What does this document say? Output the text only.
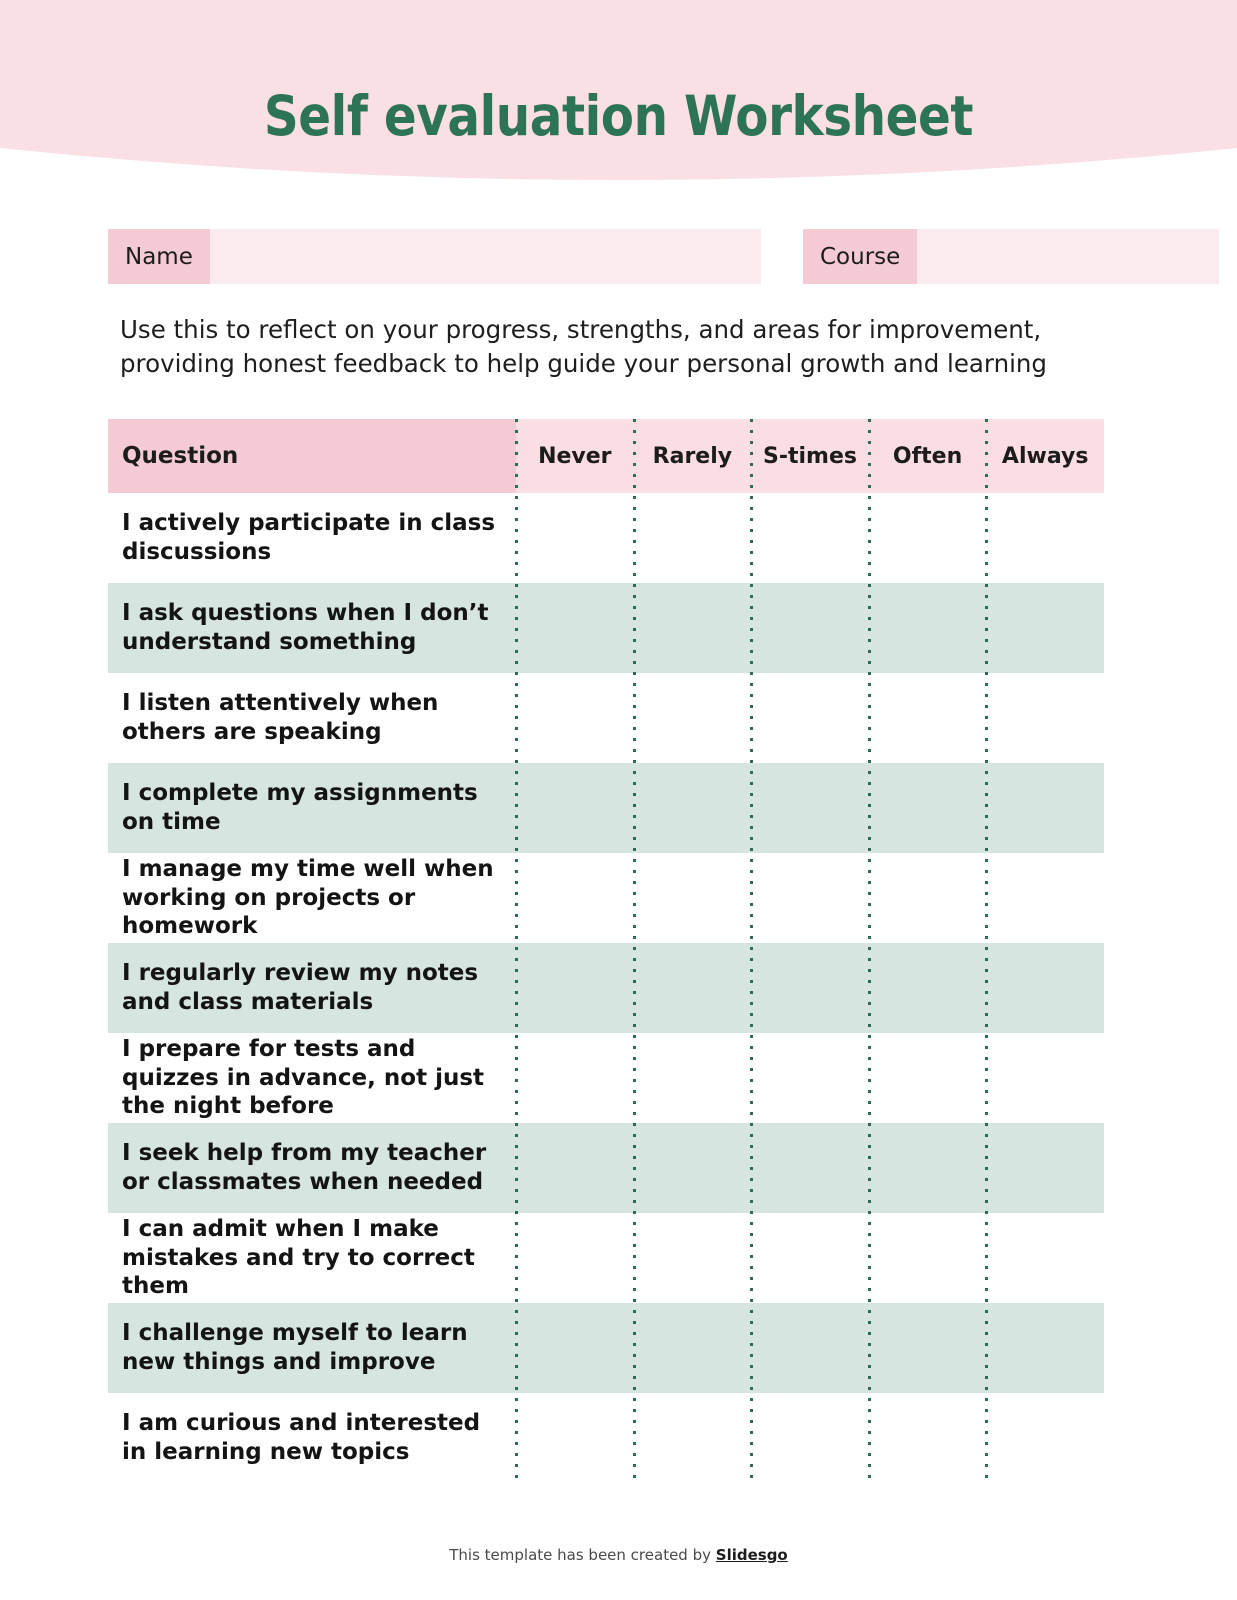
Self evaluation Worksheet
Name	Course
Use this to reflect on your progress, strengths, and areas for improvement, providing honest feedback to help guide your personal growth and learning
Question	Never	Rarely	S-times	Often	Always
I actively participate in class discussions
I ask questions when I don’t understand something
I listen attentively when others are speaking
I complete my assignments on time
I manage my time well when working on projects or homework
I regularly review my notes and class materials
I prepare for tests and quizzes in advance, not just the night before
I seek help from my teacher or classmates when needed
I can admit when I make mistakes and try to correct them
I challenge myself to learn new things and improve
I am curious and interested in learning new topics
This template has been created by Slidesgo
